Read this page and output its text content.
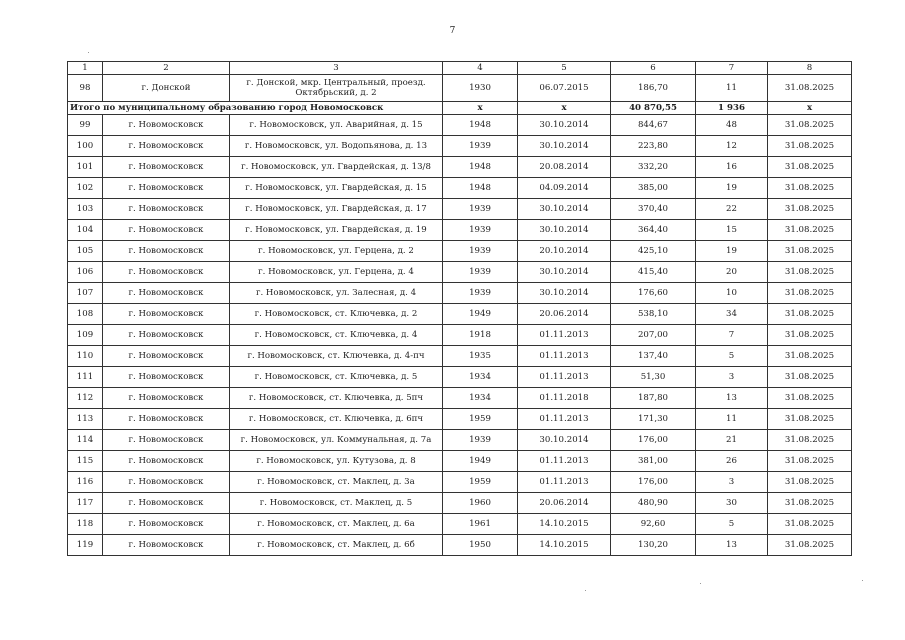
7
1	2	3	4	5	6	7	8
98	г. Донской	г. Донской, мкр. Центральный, проезд. Октябрьский, д. 2	1930	06.07.2015	186,70	11	31.08.2025
Итого по муниципальному образованию город Новомосковск			x	x	40 870,55	1 936	x
99	г. Новомосковск	г. Новомосковск, ул. Аварийная, д. 15	1948	30.10.2014	844,67	48	31.08.2025
100	г. Новомосковск	г. Новомосковск, ул. Водопьянова, д. 13	1939	30.10.2014	223,80	12	31.08.2025
101	г. Новомосковск	г. Новомосковск, ул. Гвардейская, д. 13/8	1948	20.08.2014	332,20	16	31.08.2025
102	г. Новомосковск	г. Новомосковск, ул. Гвардейская, д. 15	1948	04.09.2014	385,00	19	31.08.2025
103	г. Новомосковск	г. Новомосковск, ул. Гвардейская, д. 17	1939	30.10.2014	370,40	22	31.08.2025
104	г. Новомосковск	г. Новомосковск, ул. Гвардейская, д. 19	1939	30.10.2014	364,40	15	31.08.2025
105	г. Новомосковск	г. Новомосковск, ул. Герцена, д. 2	1939	20.10.2014	425,10	19	31.08.2025
106	г. Новомосковск	г. Новомосковск, ул. Герцена, д. 4	1939	30.10.2014	415,40	20	31.08.2025
107	г. Новомосковск	г. Новомосковск, ул. Залесная, д. 4	1939	30.10.2014	176,60	10	31.08.2025
108	г. Новомосковск	г. Новомосковск, ст. Ключевка, д. 2	1949	20.06.2014	538,10	34	31.08.2025
109	г. Новомосковск	г. Новомосковск, ст. Ключевка, д. 4	1918	01.11.2013	207,00	7	31.08.2025
110	г. Новомосковск	г. Новомосковск, ст. Ключевка, д. 4-пч	1935	01.11.2013	137,40	5	31.08.2025
111	г. Новомосковск	г. Новомосковск, ст. Ключевка, д. 5	1934	01.11.2013	51,30	3	31.08.2025
112	г. Новомосковск	г. Новомосковск, ст. Ключевка, д. 5пч	1934	01.11.2018	187,80	13	31.08.2025
113	г. Новомосковск	г. Новомосковск, ст. Ключевка, д. 6пч	1959	01.11.2013	171,30	11	31.08.2025
114	г. Новомосковск	г. Новомосковск, ул. Коммунальная, д. 7а	1939	30.10.2014	176,00	21	31.08.2025
115	г. Новомосковск	г. Новомосковск, ул. Кутузова, д. 8	1949	01.11.2013	381,00	26	31.08.2025
116	г. Новомосковск	г. Новомосковск, ст. Маклец, д. 3а	1959	01.11.2013	176,00	3	31.08.2025
117	г. Новомосковск	г. Новомосковск, ст. Маклец, д. 5	1960	20.06.2014	480,90	30	31.08.2025
118	г. Новомосковск	г. Новомосковск, ст. Маклец, д. 6а	1961	14.10.2015	92,60	5	31.08.2025
119	г. Новомосковск	г. Новомосковск, ст. Маклец, д. 6б	1950	14.10.2015	130,20	13	31.08.2025
